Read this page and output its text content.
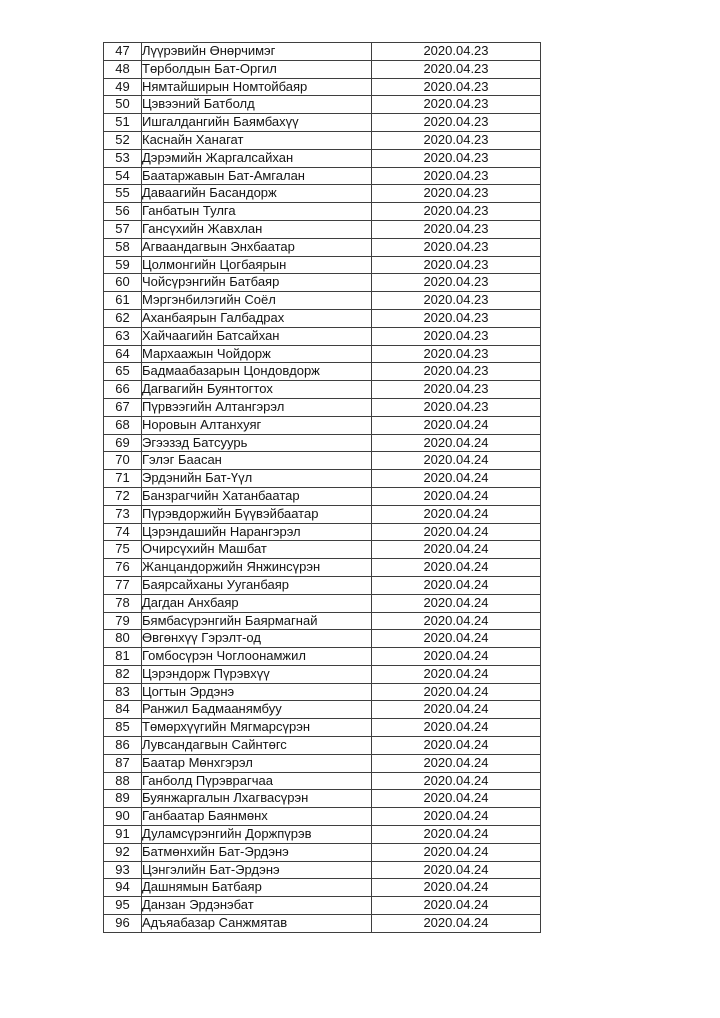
47	Лүүрэвийн Өнөрчимэг	2020.04.23
48	Төрболдын Бат-Оргил	2020.04.23
49	Нямтайширын Номтойбаяр	2020.04.23
50	Цэвээний Батболд	2020.04.23
51	Ишгалдангийн Баямбахүү	2020.04.23
52	Каснайн Ханагат	2020.04.23
53	Дэрэмийн Жаргалсайхан	2020.04.23
54	Баатаржавын Бат-Амгалан	2020.04.23
55	Даваагийн Басандорж	2020.04.23
56	Ганбатын Тулга	2020.04.23
57	Гансүхийн Жавхлан	2020.04.23
58	Агваандагвын Энхбаатар	2020.04.23
59	Цолмонгийн Цогбаярын	2020.04.23
60	Чойсүрэнгийн Батбаяр	2020.04.23
61	Мэргэнбилэгийн Соёл	2020.04.23
62	Аханбаярын Галбадрах	2020.04.23
63	Хайчаагийн Батсайхан	2020.04.23
64	Мархаажын Чойдорж	2020.04.23
65	Бадмаабазарын Цондовдорж	2020.04.23
66	Дагвагийн Буянтогтох	2020.04.23
67	Пүрвээгийн Алтангэрэл	2020.04.23
68	Норовын Алтанхуяг	2020.04.24
69	Эгээзэд Батсуурь	2020.04.24
70	Гэлэг Баасан	2020.04.24
71	Эрдэнийн Бат-Үүл	2020.04.24
72	Банзрагчийн Хатанбаатар	2020.04.24
73	Пүрэвдоржийн Бүүвэйбаатар	2020.04.24
74	Цэрэндашийн Нарангэрэл	2020.04.24
75	Очирсүхийн Машбат	2020.04.24
76	Жанцандоржийн Янжинсүрэн	2020.04.24
77	Баярсайханы Ууганбаяр	2020.04.24
78	Дагдан Анхбаяр	2020.04.24
79	Бямбасүрэнгийн Баярмагнай	2020.04.24
80	Өвгөнхүү Гэрэлт-од	2020.04.24
81	Гомбосүрэн Чоглоонамжил	2020.04.24
82	Цэрэндорж Пүрэвхүү	2020.04.24
83	Цогтын Эрдэнэ	2020.04.24
84	Ранжил Бадмаанямбуу	2020.04.24
85	Төмөрхүүгийн Мягмарсүрэн	2020.04.24
86	Лувсандагвын Сайнтөгс	2020.04.24
87	Баатар Мөнхгэрэл	2020.04.24
88	Ганболд Пүрэврагчаа	2020.04.24
89	Буянжаргалын Лхагвасүрэн	2020.04.24
90	Ганбаатар Баянмөнх	2020.04.24
91	Дуламсүрэнгийн Доржпүрэв	2020.04.24
92	Батмөнхийн Бат-Эрдэнэ	2020.04.24
93	Цэнгэлийн Бат-Эрдэнэ	2020.04.24
94	Дашнямын Батбаяр	2020.04.24
95	Данзан Эрдэнэбат	2020.04.24
96	Адъяабазар Санжмятав	2020.04.24
